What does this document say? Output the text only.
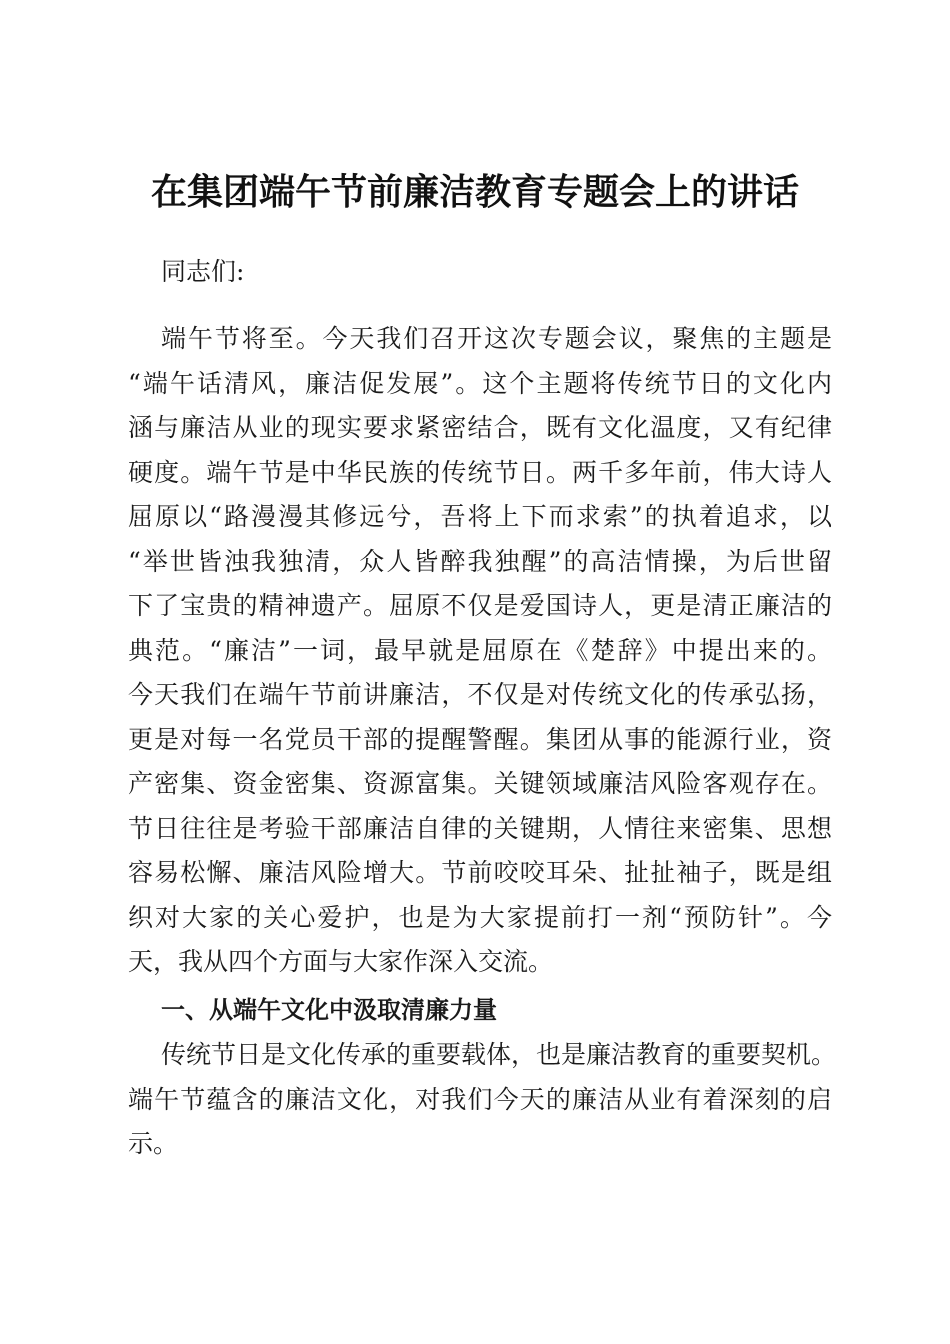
在集团端午节前廉洁教育专题会上的讲话
同志们:
端午节将至。今天我们召开这次专题会议，聚焦的主题是
“端午话清风，廉洁促发展”。这个主题将传统节日的文化内
涵与廉洁从业的现实要求紧密结合，既有文化温度，又有纪律
硬度。端午节是中华民族的传统节日。两千多年前，伟大诗人
屈原以“路漫漫其修远兮，吾将上下而求索”的执着追求，以
“举世皆浊我独清，众人皆醉我独醒”的高洁情操，为后世留
下了宝贵的精神遗产。屈原不仅是爱国诗人，更是清正廉洁的
典范。“廉洁”一词，最早就是屈原在《楚辞》中提出来的。
今天我们在端午节前讲廉洁，不仅是对传统文化的传承弘扬，
更是对每一名党员干部的提醒警醒。集团从事的能源行业，资
产密集、资金密集、资源富集。关键领域廉洁风险客观存在。
节日往往是考验干部廉洁自律的关键期，人情往来密集、思想
容易松懈、廉洁风险增大。节前咬咬耳朵、扯扯袖子，既是组
织对大家的关心爱护，也是为大家提前打一剂“预防针”。今
天，我从四个方面与大家作深入交流。
一、从端午文化中汲取清廉力量
传统节日是文化传承的重要载体，也是廉洁教育的重要契机。
端午节蕴含的廉洁文化，对我们今天的廉洁从业有着深刻的启
示。
